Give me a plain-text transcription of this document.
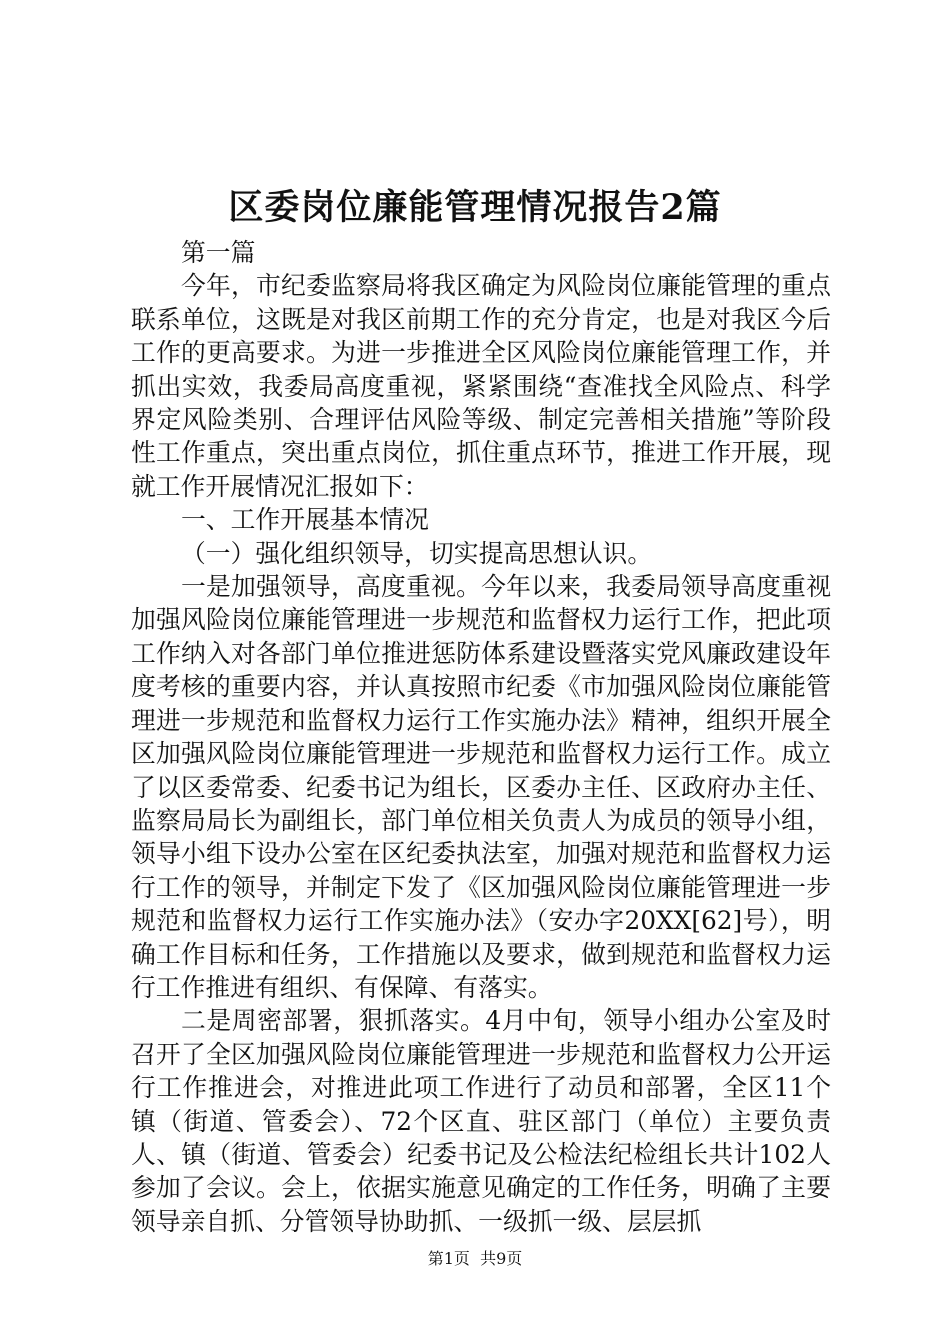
区委岗位廉能管理情况报告2篇

第一篇

今年，市纪委监察局将我区确定为风险岗位廉能管理的重点联系单位，这既是对我区前期工作的充分肯定，也是对我区今后工作的更高要求。为进一步推进全区风险岗位廉能管理工作，并抓出实效，我委局高度重视，紧紧围绕“查准找全风险点、科学界定风险类别、合理评估风险等级、制定完善相关措施”等阶段性工作重点，突出重点岗位，抓住重点环节，推进工作开展，现就工作开展情况汇报如下：

一、工作开展基本情况

（一）强化组织领导，切实提高思想认识。

一是加强领导，高度重视。今年以来，我委局领导高度重视加强风险岗位廉能管理进一步规范和监督权力运行工作，把此项工作纳入对各部门单位推进惩防体系建设暨落实党风廉政建设年度考核的重要内容，并认真按照市纪委《市加强风险岗位廉能管理进一步规范和监督权力运行工作实施办法》精神，组织开展全区加强风险岗位廉能管理进一步规范和监督权力运行工作。成立了以区委常委、纪委书记为组长，区委办主任、区政府办主任、监察局局长为副组长，部门单位相关负责人为成员的领导小组，领导小组下设办公室在区纪委执法室，加强对规范和监督权力运行工作的领导，并制定下发了《区加强风险岗位廉能管理进一步规范和监督权力运行工作实施办法》（安办字20XX[62]号），明确工作目标和任务，工作措施以及要求，做到规范和监督权力运行工作推进有组织、有保障、有落实。

二是周密部署，狠抓落实。4月中旬，领导小组办公室及时召开了全区加强风险岗位廉能管理进一步规范和监督权力公开运行工作推进会，对推进此项工作进行了动员和部署，全区11个镇（街道、管委会）、72个区直、驻区部门（单位）主要负责人、镇（街道、管委会）纪委书记及公检法纪检组长共计102人参加了会议。会上，依据实施意见确定的工作任务，明确了主要领导亲自抓、分管领导协助抓、一级抓一级、层层抓

第1页 共9页
